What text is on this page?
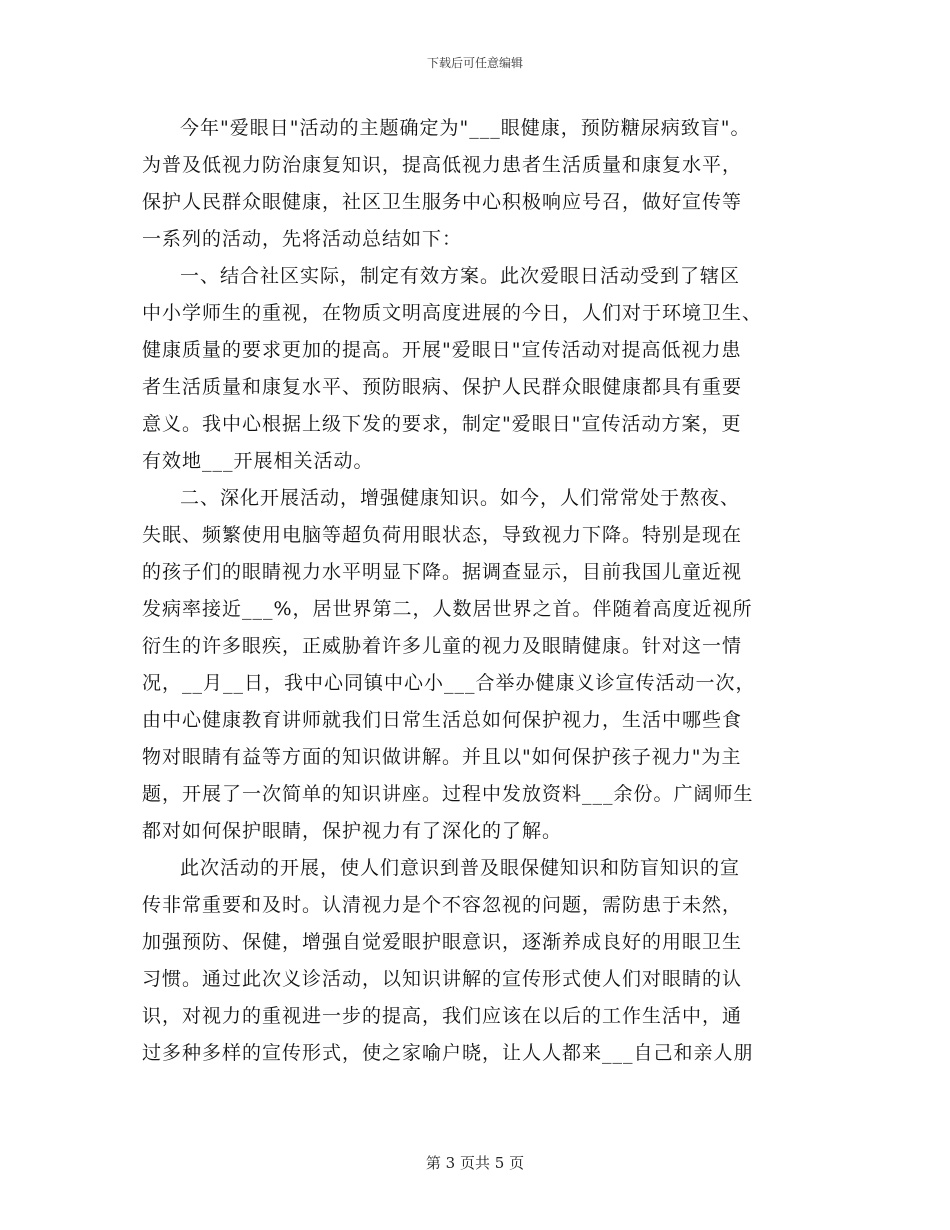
下载后可任意编辑
今年"爱眼日"活动的主题确定为"___眼健康，预防糖尿病致盲"。
为普及低视力防治康复知识，提高低视力患者生活质量和康复水平，
保护人民群众眼健康，社区卫生服务中心积极响应号召，做好宣传等
一系列的活动，先将活动总结如下：
一、结合社区实际，制定有效方案。此次爱眼日活动受到了辖区
中小学师生的重视，在物质文明高度进展的今日，人们对于环境卫生、
健康质量的要求更加的提高。开展"爱眼日"宣传活动对提高低视力患
者生活质量和康复水平、预防眼病、保护人民群众眼健康都具有重要
意义。我中心根据上级下发的要求，制定"爱眼日"宣传活动方案，更
有效地___开展相关活动。
二、深化开展活动，增强健康知识。如今，人们常常处于熬夜、
失眠、频繁使用电脑等超负荷用眼状态，导致视力下降。特别是现在
的孩子们的眼睛视力水平明显下降。据调查显示，目前我国儿童近视
发病率接近___%，居世界第二，人数居世界之首。伴随着高度近视所
衍生的许多眼疾，正威胁着许多儿童的视力及眼睛健康。针对这一情
况，__月__日，我中心同镇中心小___合举办健康义诊宣传活动一次，
由中心健康教育讲师就我们日常生活总如何保护视力，生活中哪些食
物对眼睛有益等方面的知识做讲解。并且以"如何保护孩子视力"为主
题，开展了一次简单的知识讲座。过程中发放资料___余份。广阔师生
都对如何保护眼睛，保护视力有了深化的了解。
此次活动的开展，使人们意识到普及眼保健知识和防盲知识的宣
传非常重要和及时。认清视力是个不容忽视的问题，需防患于未然，
加强预防、保健，增强自觉爱眼护眼意识，逐渐养成良好的用眼卫生
习惯。通过此次义诊活动，以知识讲解的宣传形式使人们对眼睛的认
识，对视力的重视进一步的提高，我们应该在以后的工作生活中，通
过多种多样的宣传形式，使之家喻户晓，让人人都来___自己和亲人朋
第 3 页共 5 页
